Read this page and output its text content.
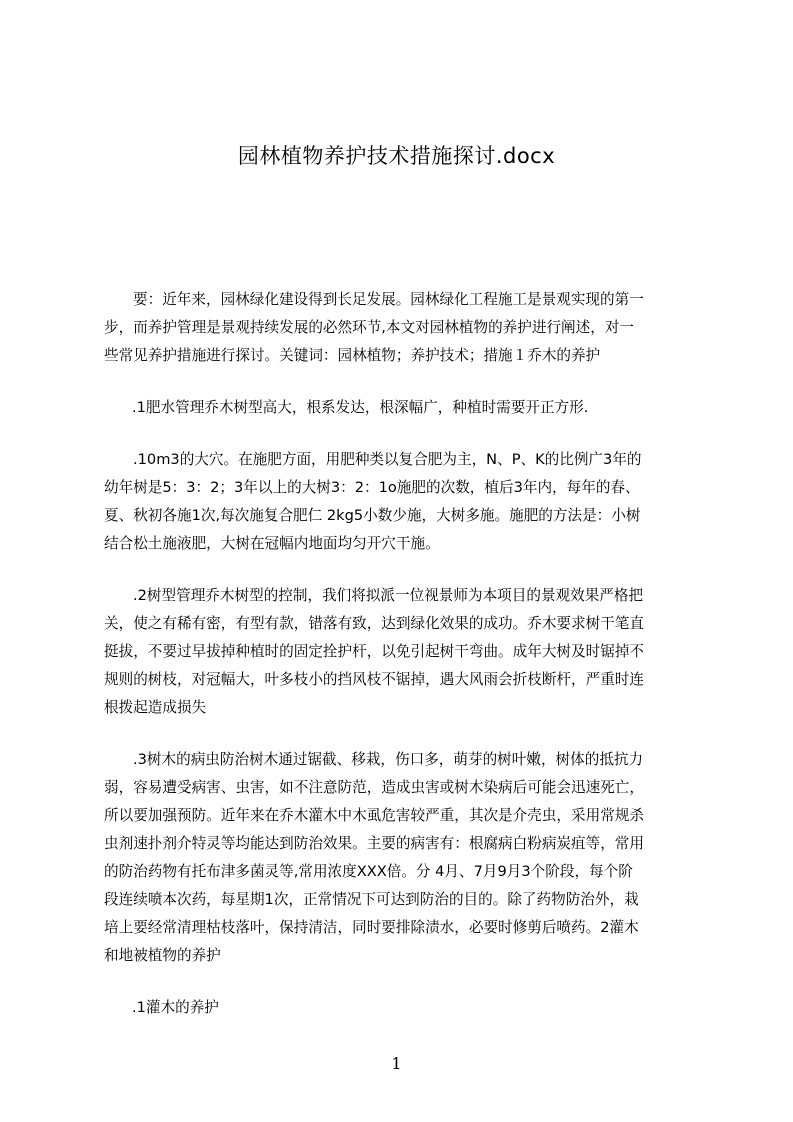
园林植物养护技术措施探讨.docx
要：近年来，园林绿化建设得到长足发展。园林绿化工程施工是景观实现的第一
步，而养护管理是景观持续发展的必然环节,本文对园林植物的养护进行阐述，对一
些常见养护措施进行探讨。关键词：园林植物；养护技术；措施１乔木的养护
.1肥水管理乔木树型高大，根系发达，根深幅广，种植时需要开正方形.
.10m3的大穴。在施肥方面，用肥种类以复合肥为主，N、P、K的比例广3年的
幼年树是5：3：2；3年以上的大树3：2：1o施肥的次数，植后3年内，每年的春、
夏、秋初各施1次,每次施复合肥仁 2kg5小数少施，大树多施。施肥的方法是：小树
结合松土施液肥，大树在冠幅内地面均匀开穴干施。
.2树型管理乔木树型的控制，我们将拟派一位视景师为本项目的景观效果严格把
关，使之有稀有密，有型有款，错落有致，达到绿化效果的成功。乔木要求树干笔直
挺拔，不要过早拔掉种植时的固定拴护杆，以免引起树干弯曲。成年大树及时锯掉不
规则的树枝，对冠幅大，叶多枝小的挡风枝不锯掉，遇大风雨会折枝断杆，严重时连
根拨起造成损失
.3树木的病虫防治树木通过锯截、移栽，伤口多，萌芽的树叶嫩，树体的抵抗力
弱，容易遭受病害、虫害，如不注意防范，造成虫害或树木染病后可能会迅速死亡，
所以要加强预防。近年来在乔木灌木中木虱危害较严重，其次是介壳虫，采用常规杀
虫剂速扑剂介特灵等均能达到防治效果。主要的病害有：根腐病白粉病炭疽等，常用
的防治药物有托布津多菌灵等,常用浓度XXX倍。分 4月、7月9月3个阶段，每个阶
段连续喷本次药，每星期1次，正常情况下可达到防治的目的。除了药物防治外，栽
培上要经常清理枯枝落叶，保持清洁，同时要排除渍水，必要时修剪后喷药。2灌木
和地被植物的养护
.1灌木的养护
1
